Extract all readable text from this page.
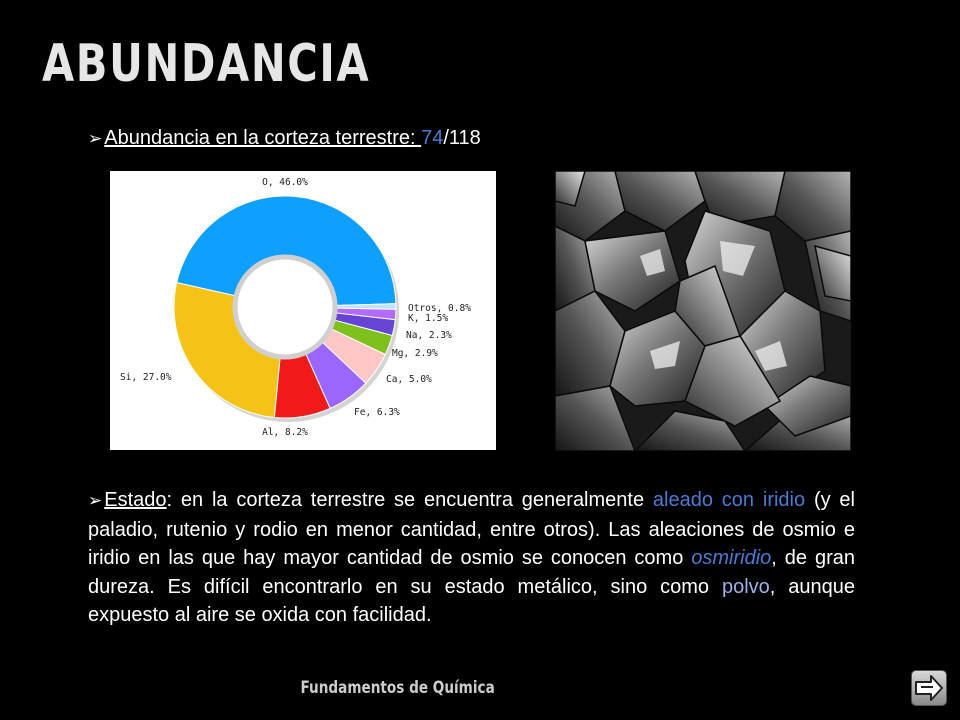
ABUNDANCIA
➢ Abundancia en la corteza terrestre: 74/118
O, 46.0%
Si, 27.0%
Al, 8.2%
Fe, 6.3%
Ca, 5.0%
Mg, 2.9%
Na, 2.3%
K, 1.5%
Otros, 0.8%
➢ Estado: en la corteza terrestre se encuentra generalmente aleado con iridio (y el paladio, rutenio y rodio en menor cantidad, entre otros). Las aleaciones de osmio e iridio en las que hay mayor cantidad de osmio se conocen como osmiridio, de gran dureza. Es difícil encontrarlo en su estado metálico, sino como polvo, aunque expuesto al aire se oxida con facilidad.
Fundamentos de Química
